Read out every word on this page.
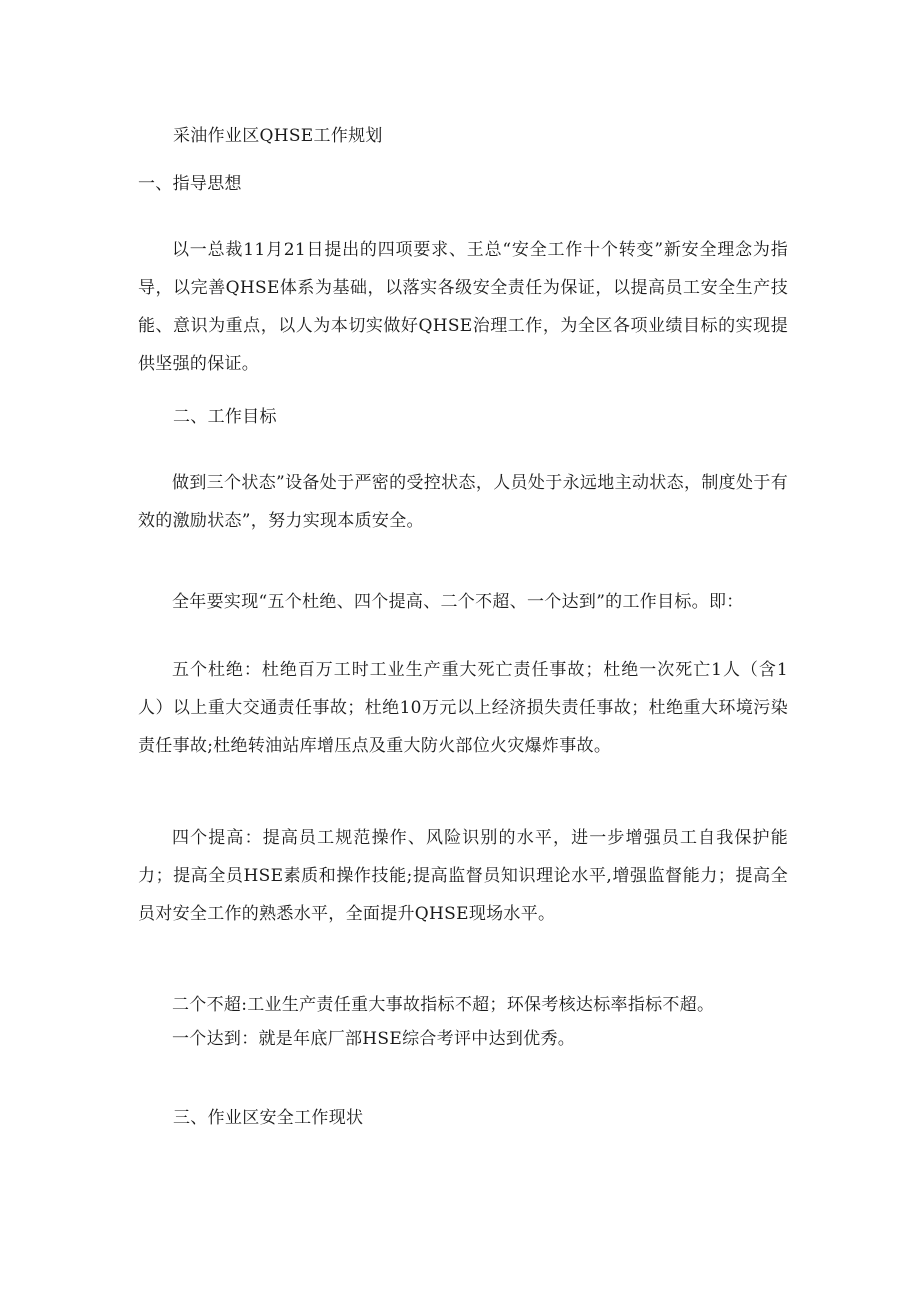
采油作业区QHSE工作规划
一、指导思想
以一总裁11月21日提出的四项要求、王总“安全工作十个转变”新安全理念为指导，以完善QHSE体系为基础，以落实各级安全责任为保证，以提高员工安全生产技能、意识为重点，以人为本切实做好QHSE治理工作，为全区各项业绩目标的实现提供坚强的保证。
二、工作目标
做到三个状态”设备处于严密的受控状态，人员处于永远地主动状态，制度处于有效的激励状态”，努力实现本质安全。
全年要实现“五个杜绝、四个提高、二个不超、一个达到”的工作目标。即：
五个杜绝：杜绝百万工时工业生产重大死亡责任事故；杜绝一次死亡1人（含1人）以上重大交通责任事故；杜绝10万元以上经济损失责任事故；杜绝重大环境污染责任事故;杜绝转油站库增压点及重大防火部位火灾爆炸事故。
四个提高：提高员工规范操作、风险识别的水平，进一步增强员工自我保护能力；提高全员HSE素质和操作技能;提高监督员知识理论水平,增强监督能力；提高全员对安全工作的熟悉水平，全面提升QHSE现场水平。
二个不超:工业生产责任重大事故指标不超；环保考核达标率指标不超。
一个达到：就是年底厂部HSE综合考评中达到优秀。
三、作业区安全工作现状
